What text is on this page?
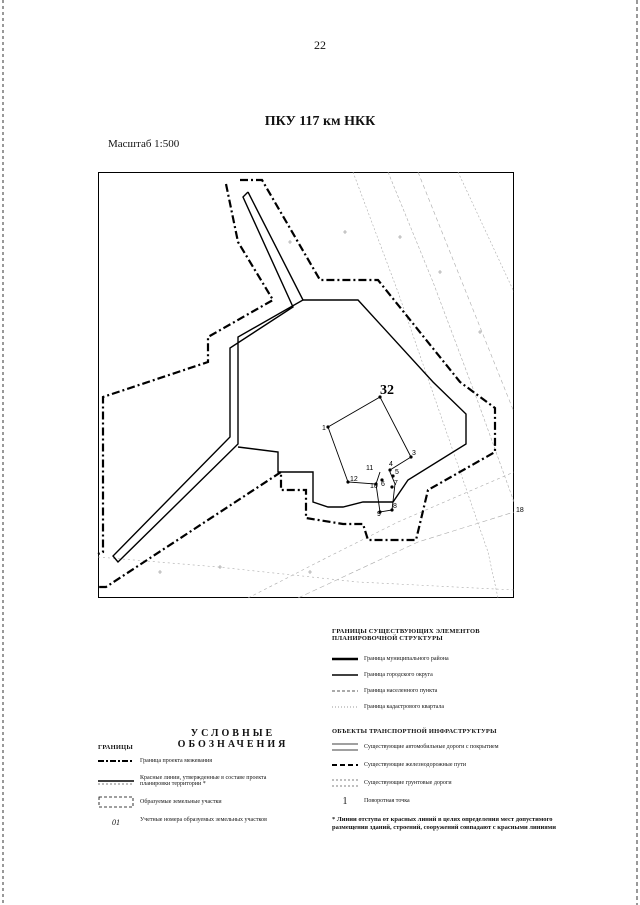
22
ПКУ 117 км НКК
Масштаб 1:500
1
3
4
5
6 7
8
9
10
11
12
18
32
ГРАНИЦЫ СУЩЕСТВУЮЩИХ ЭЛЕМЕНТОВ ПЛАНИРОВОЧНОЙ СТРУКТУРЫ
Граница муниципального района
Граница городского округа
Граница населенного пункта
Граница кадастрового квартала
ОБЪЕКТЫ ТРАНСПОРТНОЙ ИНФРАСТРУКТУРЫ
Существующие автомобильные дороги с покрытием
Существующие железнодорожные пути
Существующие грунтовые дороги
1	Поворотная точка
* Линии отступа от красных линий в целях определения мест допустимого размещения зданий, строений, сооружений совпадают с красными линиями
УСЛОВНЫЕ ОБОЗНАЧЕНИЯ
ГРАНИЦЫ
Граница проекта межевания
Красные линии, утвержденные в составе проекта планировки территории *
Образуемые земельные участки
01	Учетные номера образуемых земельных участков
